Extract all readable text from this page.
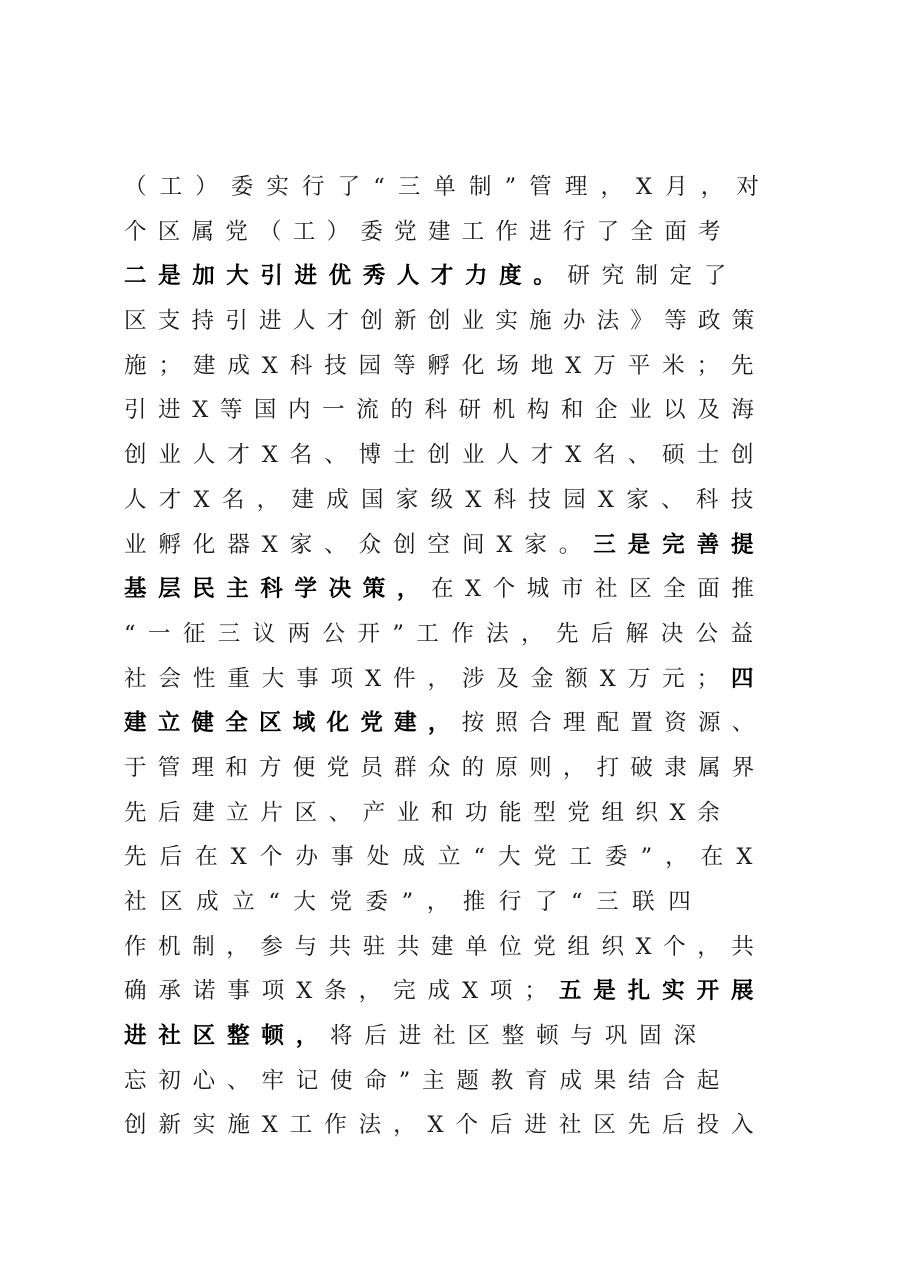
（工）委实行了“三单制”管理，X月，对
个区属党（工）委党建工作进行了全面考
二是加大引进优秀人才力度。研究制定了
区支持引进人才创新创业实施办法》等政策
施；建成X科技园等孵化场地X万平米；先
引进X等国内一流的科研机构和企业以及海
创业人才X名、博士创业人才X名、硕士创
人才X名，建成国家级X科技园X家、科技
业孵化器X家、众创空间X家。三是完善提
基层民主科学决策，在X个城市社区全面推
“一征三议两公开”工作法，先后解决公益
社会性重大事项X件，涉及金额X万元；四
建立健全区域化党建，按照合理配置资源、
于管理和方便党员群众的原则，打破隶属界
先后建立片区、产业和功能型党组织X余
先后在X个办事处成立“大党工委”，在X
社区成立“大党委”，推行了“三联四
作机制，参与共驻共建单位党组织X个，共
确承诺事项X条，完成X项；五是扎实开展
进社区整顿，将后进社区整顿与巩固深
忘初心、牢记使命”主题教育成果结合起
创新实施X工作法，X个后进社区先后投入
